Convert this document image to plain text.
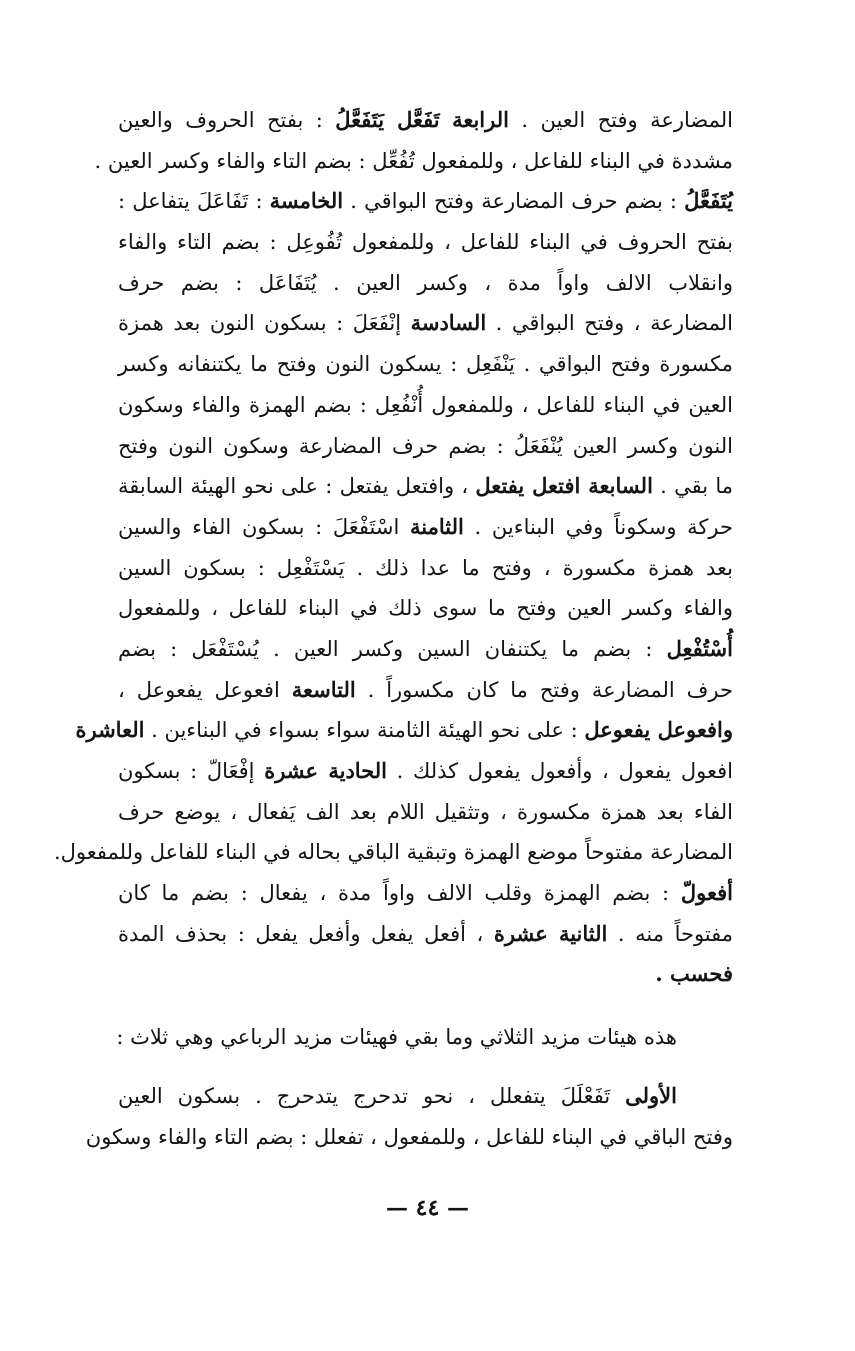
المضارعة وفتح العين . الرابعة تَفَعَّل يَتَفَعَّلُ : بفتح الحروف والعين
مشددة في البناء للفاعل ، وللمفعول تُفُعِّل : بضم التاء والفاء وكسر العين .
يُتَفَعَّلُ : بضم حرف المضارعة وفتح البواقي . الخامسة : تَفَاعَلَ يتفاعل :
بفتح الحروف في البناء للفاعل ، وللمفعول تُفُوعِل : بضم التاء والفاء
وانقلاب الالف واواً مدة ، وكسر العين . يُتَفَاعَل : بضم حرف
المضارعة ، وفتح البواقي . السادسة إنْفَعَلَ : بسكون النون بعد همزة
مكسورة وفتح البواقي . يَنْفَعِل : يسكون النون وفتح ما يكتنفانه وكسر
العين في البناء للفاعل ، وللمفعول أُنْفُعِل : بضم الهمزة والفاء وسكون
النون وكسر العين يُنْفَعَلُ : بضم حرف المضارعة وسكون النون وفتح
ما بقي . السابعة افتعل يفتعل ، وافتعل يفتعل : على نحو الهيئة السابقة
حركة وسكوناً وفي البناءين . الثامنة اسْتَفْعَلَ : بسكون الفاء والسين
بعد همزة مكسورة ، وفتح ما عدا ذلك . يَسْتَفْعِل : بسكون السين
والفاء وكسر العين وفتح ما سوى ذلك في البناء للفاعل ، وللمفعول
أُسْتُفْعِل : بضم ما يكتنفان السين وكسر العين . يُسْتَفْعَل : بضم
حرف المضارعة وفتح ما كان مكسوراً . التاسعة افعوعل يفعوعل ،
وافعوعل يفعوعل : على نحو الهيئة الثامنة سواء بسواء في البناءين . العاشرة
افعول يفعول ، وأفعول يفعول كذلك . الحادية عشرة إفْعَالّ : بسكون
الفاء بعد همزة مكسورة ، وتثقيل اللام بعد الف يَفعال ، يوضع حرف
المضارعة مفتوحاً موضع الهمزة وتبقية الباقي بحاله في البناء للفاعل وللمفعول.
أفعولّ : بضم الهمزة وقلب الالف واواً مدة ، يفعال : بضم ما كان
مفتوحاً منه . الثانية عشرة ، أفعل يفعل وأفعل يفعل : بحذف المدة
فحسب .
هذه هيئات مزيد الثلاثي وما بقي فهيئات مزيد الرباعي وهي ثلاث :
الأولى تَفَعْلَلَ يتفعلل ، نحو تدحرج يتدحرج . بسكون العين
وفتح الباقي في البناء للفاعل ، وللمفعول ، تفعلل : بضم التاء والفاء وسكون
— ٤٤ —
